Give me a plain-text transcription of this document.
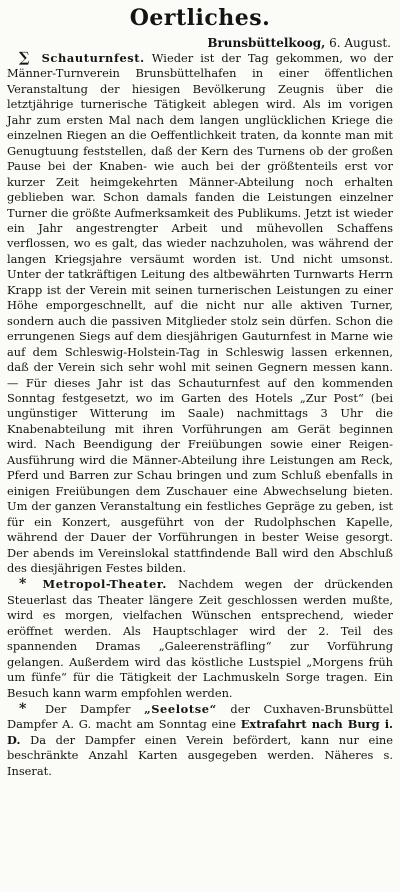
Oertliches.
Brunsbüttelkoog, 6. August.

∑ Schauturnfest. Wieder ist der Tag gekommen, wo der Männer-Turnverein Brunsbüttelhafen in einer öffentlichen Veranstaltung der hiesigen Bevölkerung Zeugnis über die letztjährige turnerische Tätigkeit ablegen wird. Als im vorigen Jahr zum ersten Mal nach dem langen unglücklichen Kriege die einzelnen Riegen an die Oeffentlichkeit traten, da konnte man mit Genugtuung feststellen, daß der Kern des Turnens ob der großen Pause bei der Knaben- wie auch bei der größtenteils erst vor kurzer Zeit heimgekehrten Männer-Abteilung noch erhalten geblieben war. Schon damals fanden die Leistungen einzelner Turner die größte Aufmerksamkeit des Publikums. Jetzt ist wieder ein Jahr angestrengter Arbeit und mühevollen Schaffens verflossen, wo es galt, das wieder nachzuholen, was während der langen Kriegsjahre versäumt worden ist. Und nicht umsonst. Unter der tatkräftigen Leitung des altbewährten Turnwarts Herrn Krapp ist der Verein mit seinen turnerischen Leistungen zu einer Höhe emporgeschnellt, auf die nicht nur alle aktiven Turner, sondern auch die passiven Mitglieder stolz sein dürfen. Schon die errungenen Siegs auf dem diesjährigen Gauturnfest in Marne wie auf dem Schleswig-Holstein-Tag in Schleswig lassen erkennen, daß der Verein sich sehr wohl mit seinen Gegnern messen kann. — Für dieses Jahr ist das Schauturnfest auf den kommenden Sonntag festgesetzt, wo im Garten des Hotels „Zur Post“ (bei ungünstiger Witterung im Saale) nachmittags 3 Uhr die Knabenabteilung mit ihren Vorführungen am Gerät beginnen wird. Nach Beendigung der Freiübungen sowie einer Reigen-Ausführung wird die Männer-Abteilung ihre Leistungen am Reck, Pferd und Barren zur Schau bringen und zum Schluß ebenfalls in einigen Freiübungen dem Zuschauer eine Abwechselung bieten. Um der ganzen Veranstaltung ein festliches Gepräge zu geben, ist für ein Konzert, ausgeführt von der Rudolphschen Kapelle, während der Dauer der Vorführungen in bester Weise gesorgt. Der abends im Vereinslokal stattfindende Ball wird den Abschluß des diesjährigen Festes bilden.

* Metropol-Theater. Nachdem wegen der drückenden Steuerlast das Theater längere Zeit geschlossen werden mußte, wird es morgen, vielfachen Wünschen entsprechend, wieder eröffnet werden. Als Hauptschlager wird der 2. Teil des spannenden Dramas „Galeerensträfling“ zur Vorführung gelangen. Außerdem wird das köstliche Lustspiel „Morgens früh um fünfe“ für die Tätigkeit der Lachmuskeln Sorge tragen. Ein Besuch kann warm empfohlen werden.

* Der Dampfer „Seelotse“ der Cuxhaven-Brunsbüttel Dampfer A. G. macht am Sonntag eine Extrafahrt nach Burg i. D. Da der Dampfer einen Verein befördert, kann nur eine beschränkte Anzahl Karten ausgegeben werden. Näheres s. Inserat.
